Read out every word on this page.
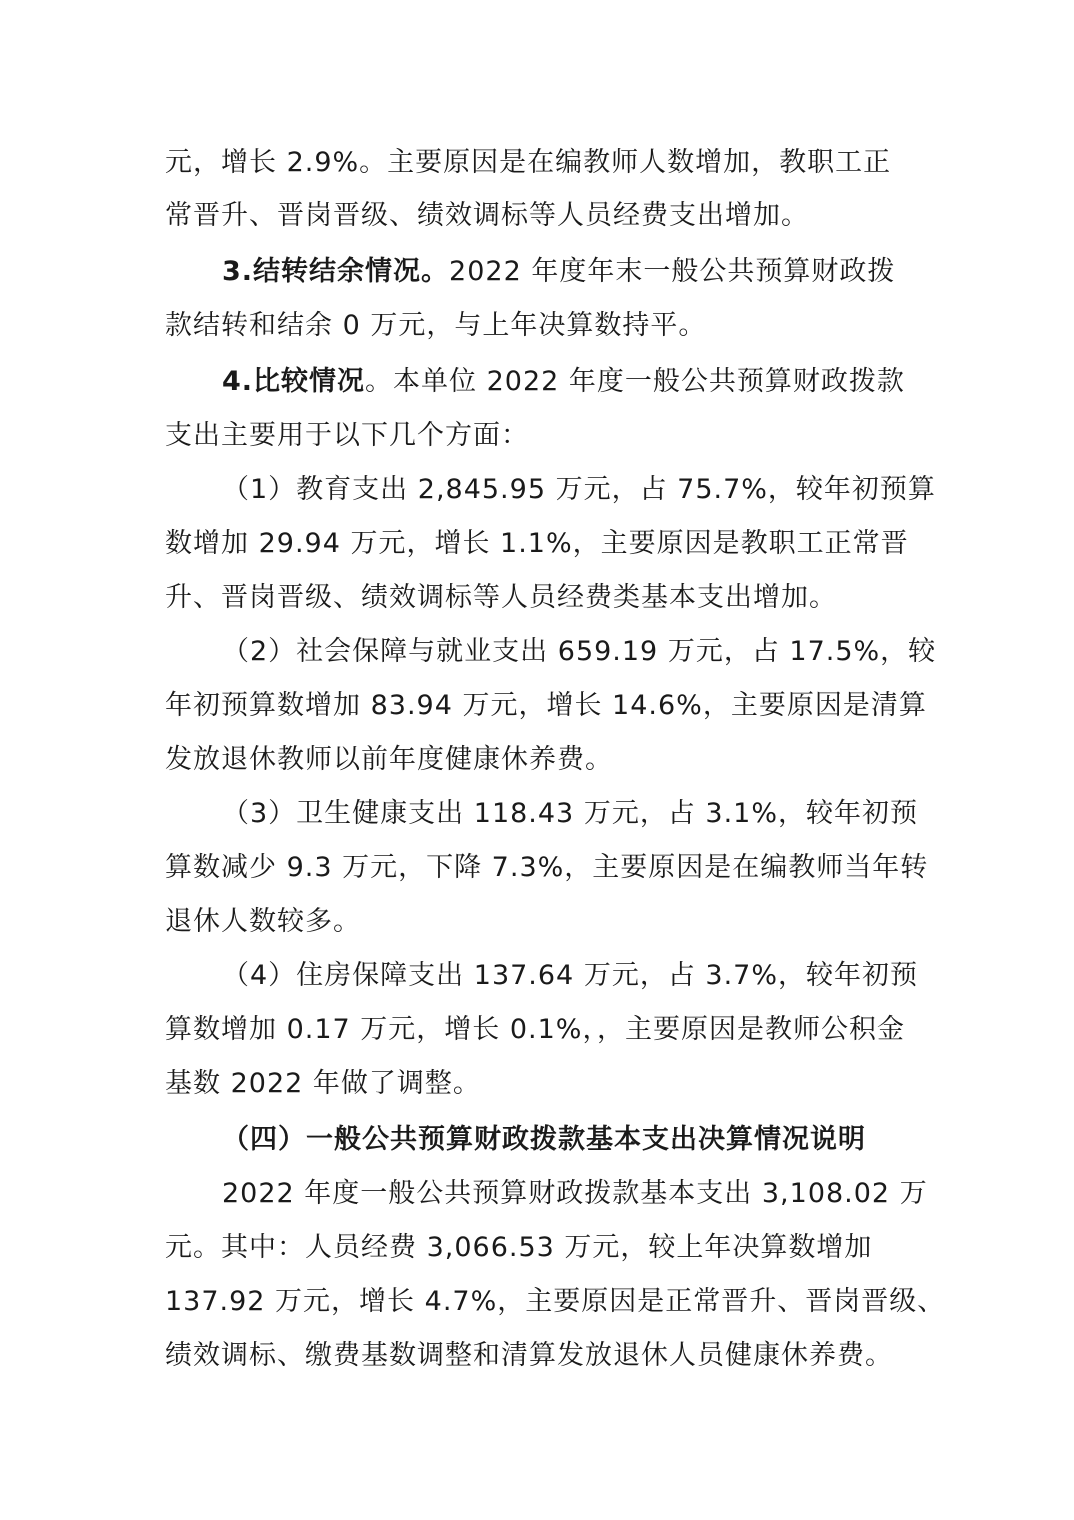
元，增长 2.9%。主要原因是在编教师人数增加，教职工正
常晋升、晋岗晋级、绩效调标等人员经费支出增加。
3.结转结余情况。2022 年度年末一般公共预算财政拨
款结转和结余 0 万元，与上年决算数持平。
4.比较情况。本单位 2022 年度一般公共预算财政拨款
支出主要用于以下几个方面：
（1）教育支出 2,845.95 万元，占 75.7%，较年初预算
数增加 29.94 万元，增长 1.1%，主要原因是教职工正常晋
升、晋岗晋级、绩效调标等人员经费类基本支出增加。
（2）社会保障与就业支出 659.19 万元，占 17.5%，较
年初预算数增加 83.94 万元，增长 14.6%，主要原因是清算
发放退休教师以前年度健康休养费。
（3）卫生健康支出 118.43 万元，占 3.1%，较年初预
算数减少 9.3 万元，下降 7.3%，主要原因是在编教师当年转
退休人数较多。
（4）住房保障支出 137.64 万元，占 3.7%，较年初预
算数增加 0.17 万元，增长 0.1%，，主要原因是教师公积金
基数 2022 年做了调整。
（四）一般公共预算财政拨款基本支出决算情况说明
2022 年度一般公共预算财政拨款基本支出 3,108.02 万
元。其中：人员经费 3,066.53 万元，较上年决算数增加
137.92 万元，增长 4.7%，主要原因是正常晋升、晋岗晋级、
绩效调标、缴费基数调整和清算发放退休人员健康休养费。
